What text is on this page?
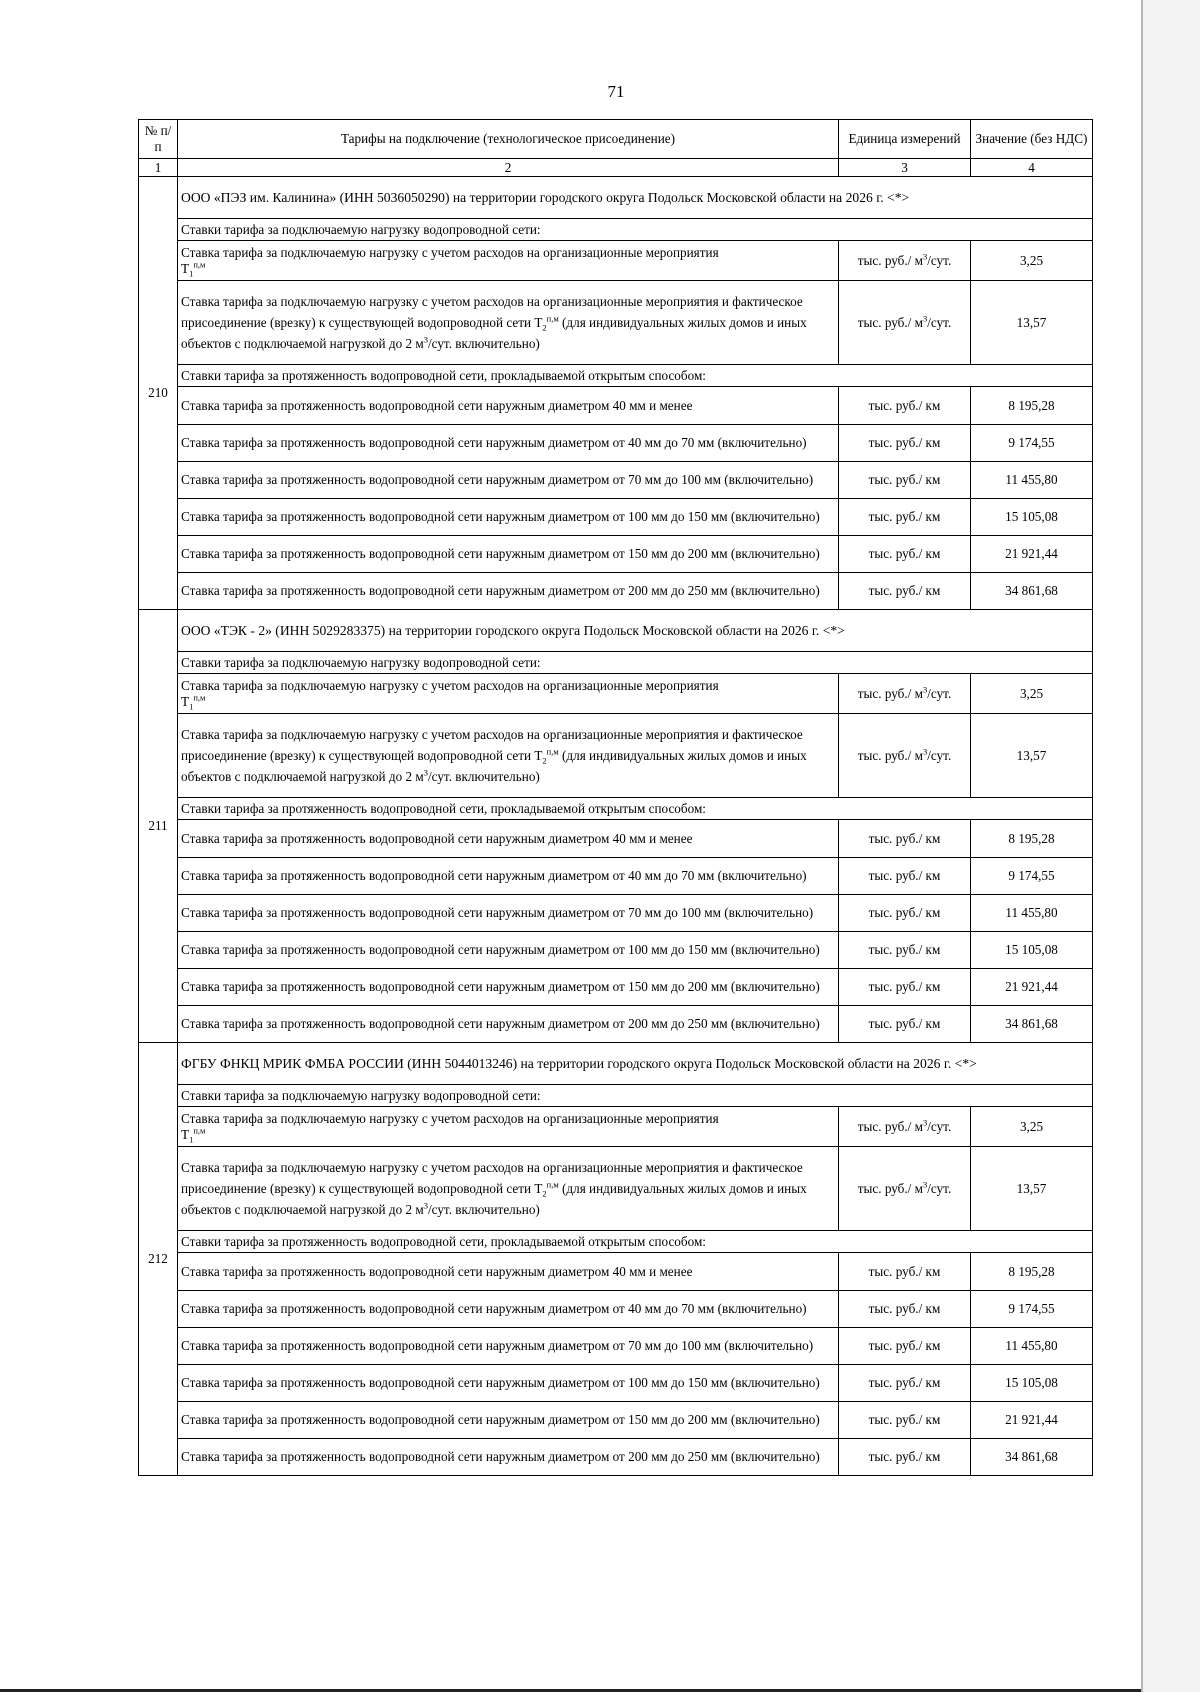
71
№ п/п	Тарифы на подключение (технологическое присоединение)	Единица измерений	Значение (без НДС)
1	2	3	4
210	ООО «ПЭЗ им. Калинина» (ИНН 5036050290) на территории городского округа Подольск Московской области на 2026 г. <*>		
	Ставки тарифа за подключаемую нагрузку водопроводной сети:		
	Ставка тарифа за подключаемую нагрузку с учетом расходов на организационные мероприятия
$Т_1^{п,м}$	тыс. руб./ $м^3$/сут.	3,25
	Ставка тарифа за подключаемую нагрузку с учетом расходов на организационные мероприятия и фактическое присоединение (врезку) к существующей водопроводной сети $Т_2^{п,м}$ (для индивидуальных жилых домов и иных объектов с подключаемой нагрузкой до 2 $м^3$/сут. включительно)	тыс. руб./ $м^3$/сут.	13,57
	Ставки тарифа за протяженность водопроводной сети, прокладываемой открытым способом:		
	Ставка тарифа за протяженность водопроводной сети наружным диаметром 40 мм и менее	тыс. руб./ км	8 195,28
	Ставка тарифа за протяженность водопроводной сети наружным диаметром от 40 мм до 70 мм (включительно)	тыс. руб./ км	9 174,55
	Ставка тарифа за протяженность водопроводной сети наружным диаметром от 70 мм до 100 мм (включительно)	тыс. руб./ км	11 455,80
	Ставка тарифа за протяженность водопроводной сети наружным диаметром от 100 мм до 150 мм (включительно)	тыс. руб./ км	15 105,08
	Ставка тарифа за протяженность водопроводной сети наружным диаметром от 150 мм до 200 мм (включительно)	тыс. руб./ км	21 921,44
	Ставка тарифа за протяженность водопроводной сети наружным диаметром от 200 мм до 250 мм (включительно)	тыс. руб./ км	34 861,68
211	ООО «ТЭК - 2» (ИНН 5029283375) на территории городского округа Подольск Московской области на 2026 г. <*>		
	Ставки тарифа за подключаемую нагрузку водопроводной сети:		
	Ставка тарифа за подключаемую нагрузку с учетом расходов на организационные мероприятия
$Т_1^{п,м}$	тыс. руб./ $м^3$/сут.	3,25
	Ставка тарифа за подключаемую нагрузку с учетом расходов на организационные мероприятия и фактическое присоединение (врезку) к существующей водопроводной сети $Т_2^{п,м}$ (для индивидуальных жилых домов и иных объектов с подключаемой нагрузкой до 2 $м^3$/сут. включительно)	тыс. руб./ $м^3$/сут.	13,57
	Ставки тарифа за протяженность водопроводной сети, прокладываемой открытым способом:		
	Ставка тарифа за протяженность водопроводной сети наружным диаметром 40 мм и менее	тыс. руб./ км	8 195,28
	Ставка тарифа за протяженность водопроводной сети наружным диаметром от 40 мм до 70 мм (включительно)	тыс. руб./ км	9 174,55
	Ставка тарифа за протяженность водопроводной сети наружным диаметром от 70 мм до 100 мм (включительно)	тыс. руб./ км	11 455,80
	Ставка тарифа за протяженность водопроводной сети наружным диаметром от 100 мм до 150 мм (включительно)	тыс. руб./ км	15 105,08
	Ставка тарифа за протяженность водопроводной сети наружным диаметром от 150 мм до 200 мм (включительно)	тыс. руб./ км	21 921,44
	Ставка тарифа за протяженность водопроводной сети наружным диаметром от 200 мм до 250 мм (включительно)	тыс. руб./ км	34 861,68
212	ФГБУ ФНКЦ МРИК ФМБА РОССИИ (ИНН 5044013246) на территории городского округа Подольск Московской области на 2026 г. <*>		
	Ставки тарифа за подключаемую нагрузку водопроводной сети:		
	Ставка тарифа за подключаемую нагрузку с учетом расходов на организационные мероприятия
$Т_1^{п,м}$	тыс. руб./ $м^3$/сут.	3,25
	Ставка тарифа за подключаемую нагрузку с учетом расходов на организационные мероприятия и фактическое присоединение (врезку) к существующей водопроводной сети $Т_2^{п,м}$ (для индивидуальных жилых домов и иных объектов с подключаемой нагрузкой до 2 $м^3$/сут. включительно)	тыс. руб./ $м^3$/сут.	13,57
	Ставки тарифа за протяженность водопроводной сети, прокладываемой открытым способом:		
	Ставка тарифа за протяженность водопроводной сети наружным диаметром 40 мм и менее	тыс. руб./ км	8 195,28
	Ставка тарифа за протяженность водопроводной сети наружным диаметром от 40 мм до 70 мм (включительно)	тыс. руб./ км	9 174,55
	Ставка тарифа за протяженность водопроводной сети наружным диаметром от 70 мм до 100 мм (включительно)	тыс. руб./ км	11 455,80
	Ставка тарифа за протяженность водопроводной сети наружным диаметром от 100 мм до 150 мм (включительно)	тыс. руб./ км	15 105,08
	Ставка тарифа за протяженность водопроводной сети наружным диаметром от 150 мм до 200 мм (включительно)	тыс. руб./ км	21 921,44
	Ставка тарифа за протяженность водопроводной сети наружным диаметром от 200 мм до 250 мм (включительно)	тыс. руб./ км	34 861,68
